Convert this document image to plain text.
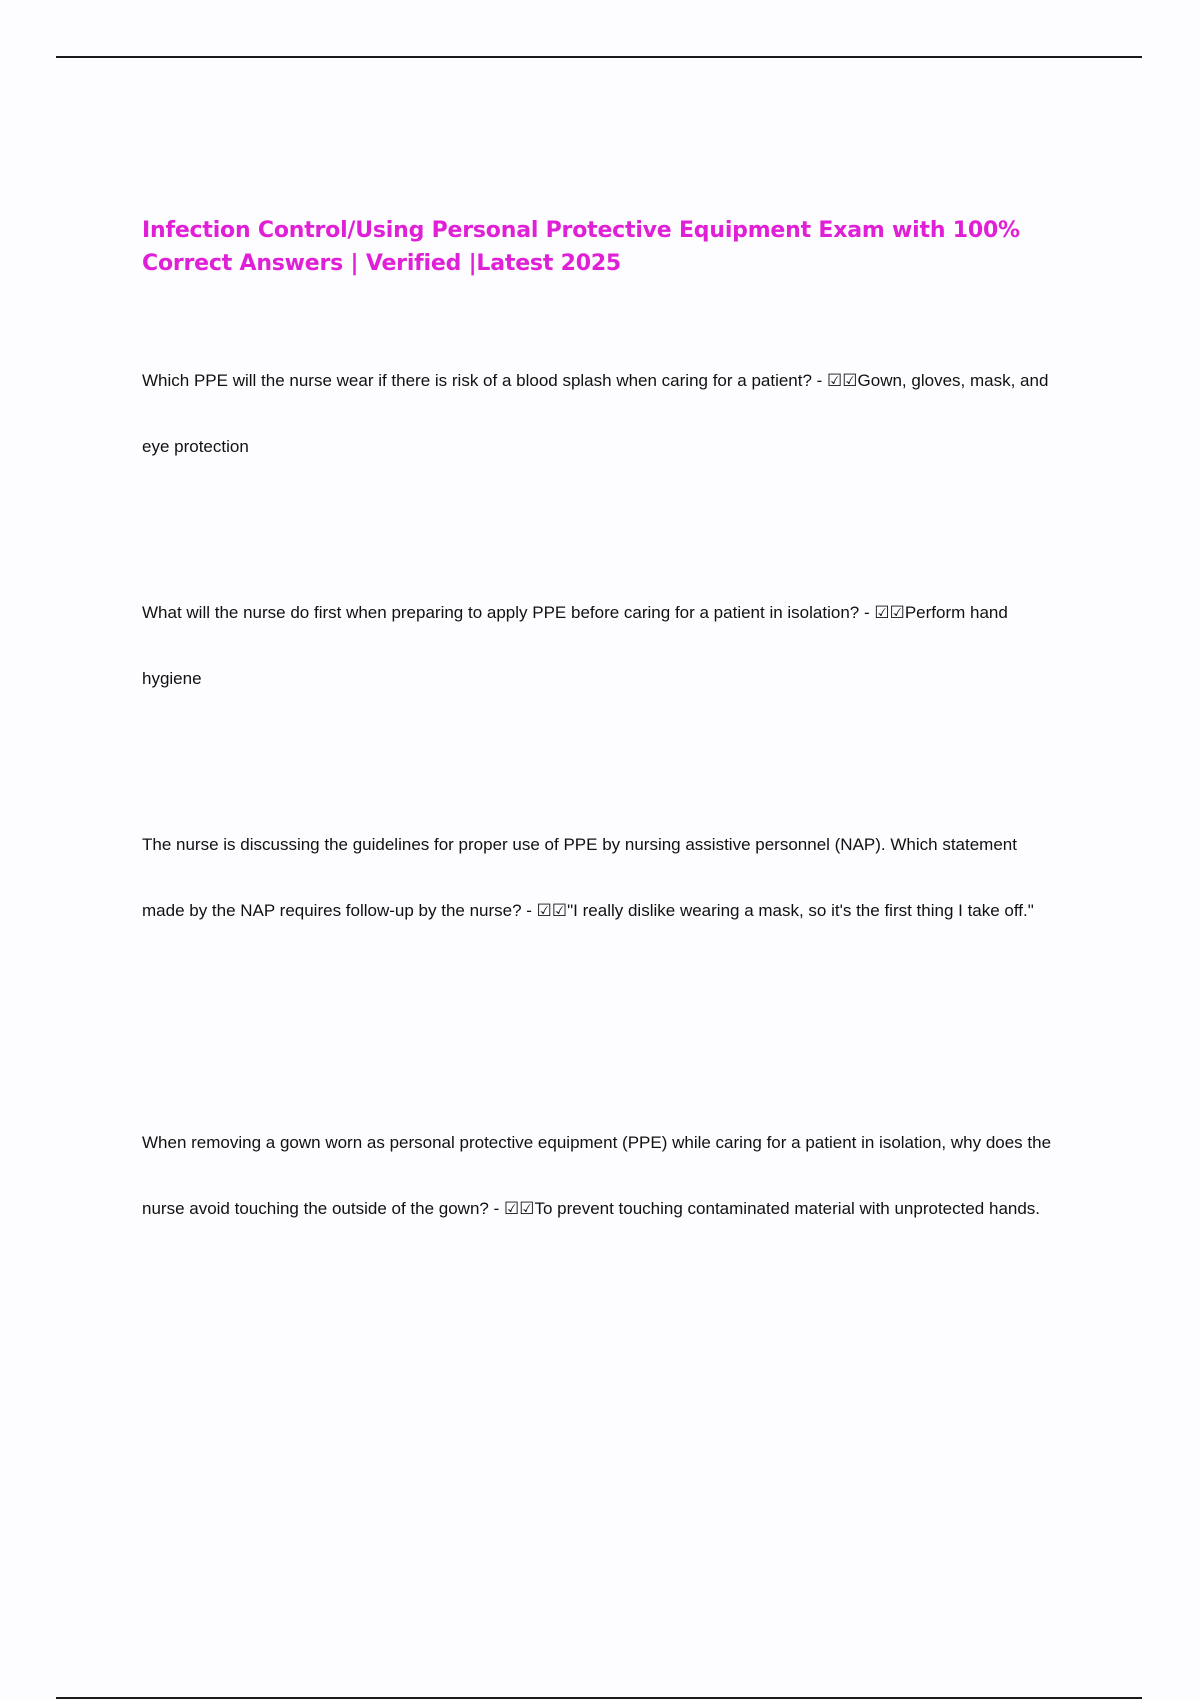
Infection Control/Using Personal Protective Equipment Exam with 100% Correct Answers | Verified |Latest 2025

Which PPE will the nurse wear if there is risk of a blood splash when caring for a patient? - ☑☑Gown, gloves, mask, and eye protection

What will the nurse do first when preparing to apply PPE before caring for a patient in isolation? - ☑☑Perform hand hygiene

The nurse is discussing the guidelines for proper use of PPE by nursing assistive personnel (NAP). Which statement made by the NAP requires follow-up by the nurse? - ☑☑"I really dislike wearing a mask, so it's the first thing I take off."

When removing a gown worn as personal protective equipment (PPE) while caring for a patient in isolation, why does the nurse avoid touching the outside of the gown? - ☑☑To prevent touching contaminated material with unprotected hands.
